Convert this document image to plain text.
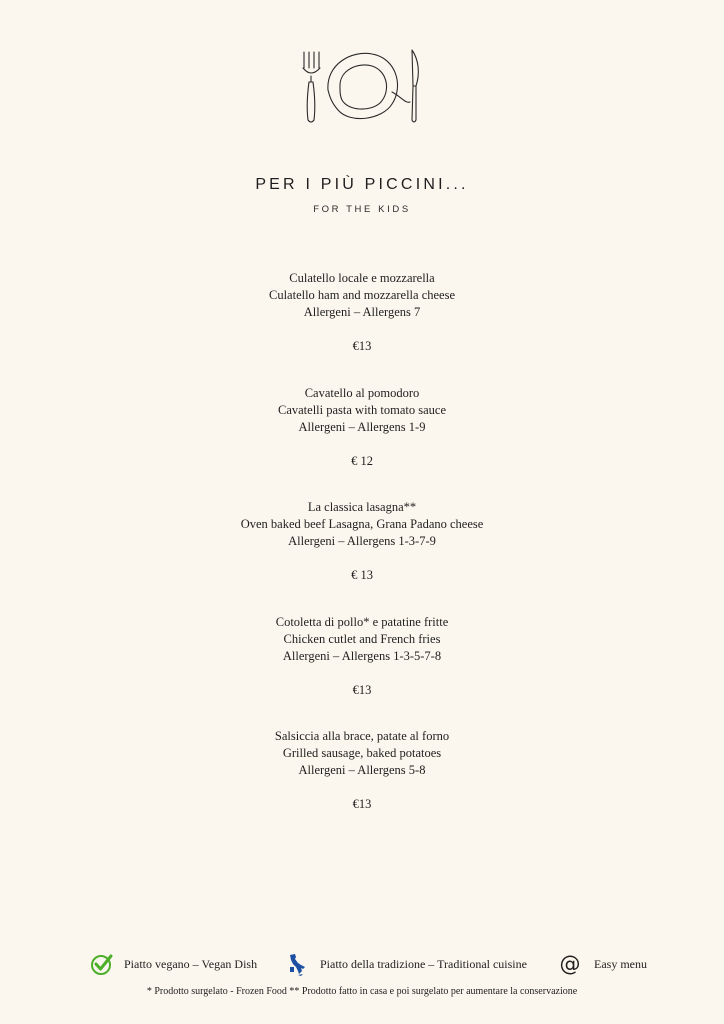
PER I PIÙ PICCINI...
FOR THE KIDS
Culatello locale e mozzarella
Culatello ham and mozzarella cheese
Allergeni – Allergens 7
€13
Cavatello al pomodoro
Cavatelli pasta with tomato sauce
Allergeni – Allergens 1-9
€ 12
La classica lasagna**
Oven baked beef Lasagna, Grana Padano cheese
Allergeni – Allergens 1-3-7-9
€ 13
Cotoletta di pollo* e patatine fritte
Chicken cutlet and French fries
Allergeni – Allergens 1-3-5-7-8
€13
Salsiccia alla brace, patate al forno
Grilled sausage, baked potatoes
Allergeni – Allergens 5-8
€13
Piatto vegano – Vegan Dish	Piatto della tradizione – Traditional cuisine @ Easy menu
* Prodotto surgelato - Frozen Food ** Prodotto fatto in casa e poi surgelato per aumentare la conservazione
